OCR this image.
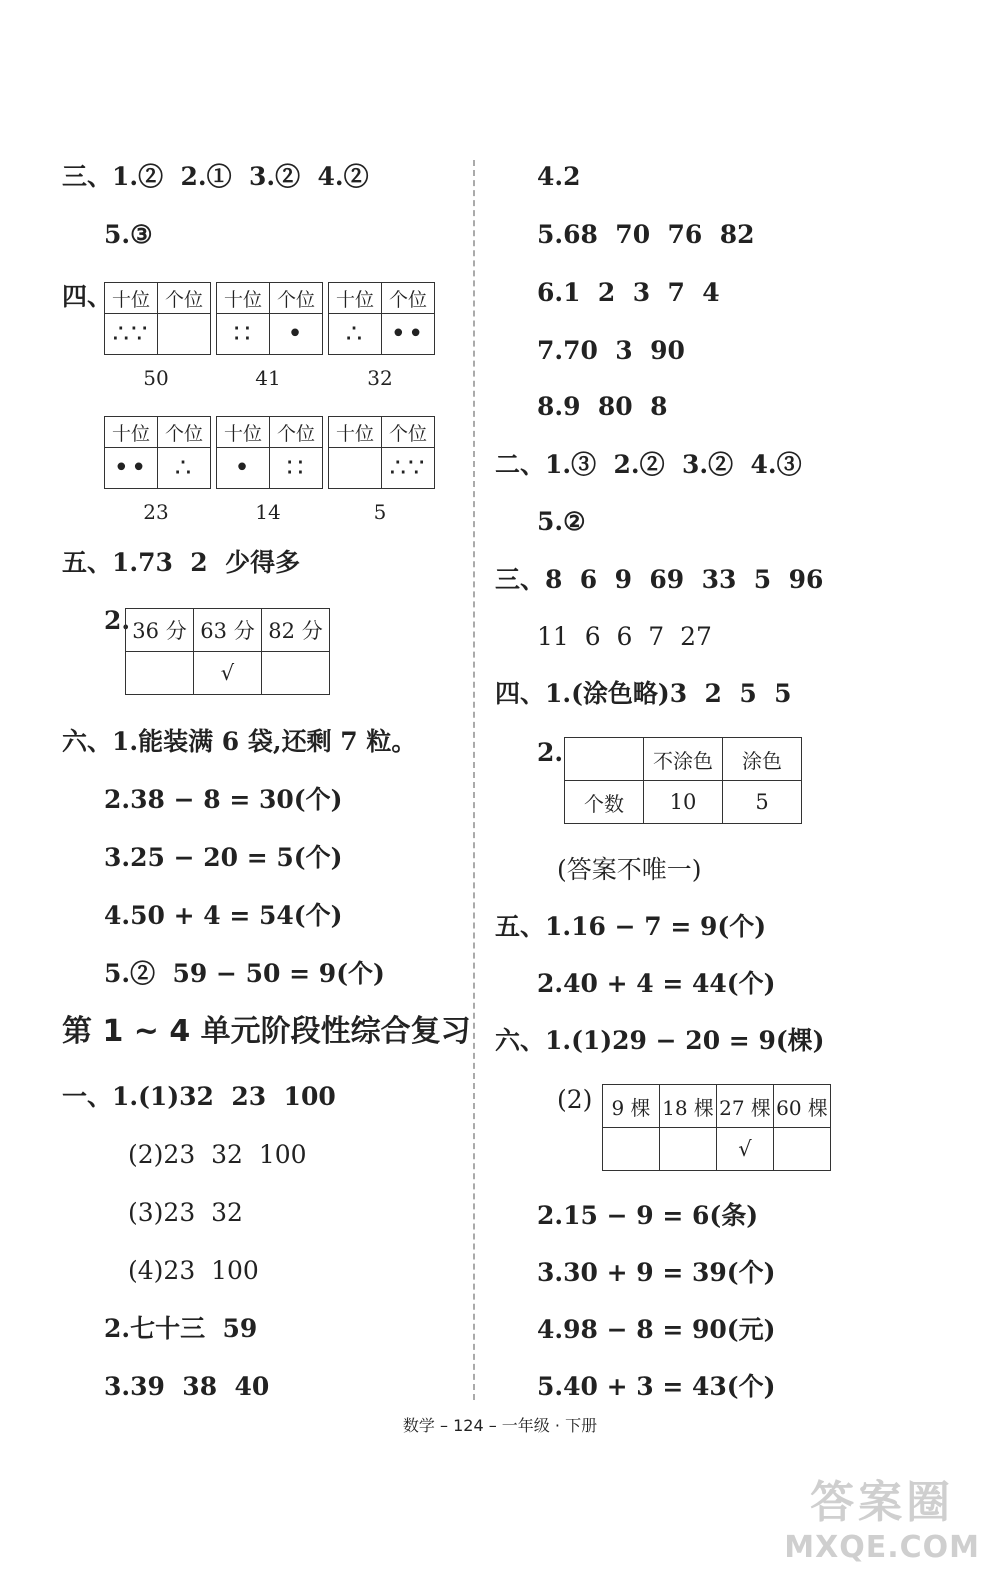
三、1.②  2.①  3.②  4.②
5.③
四、 十位	个位
∴∵	
十位	个位
∷	•
十位	个位
∴	••
50	41	32
十位	个位
••	∴
十位	个位
•	∷
十位	个位
	∴∵
23	14	5
五、1.73  2  少得多
2. 36 分	63 分	82 分
	√	
六、1.能装满 6 袋,还剩 7 粒。
2.38 − 8 = 30(个)
3.25 − 20 = 5(个)
4.50 + 4 = 54(个)
5.②  59 − 50 = 9(个)
第 1 ~ 4 单元阶段性综合复习
一、1.(1)32  23  100
(2)23  32  100
(3)23  32
(4)23  100
2.七十三  59
3.39  38  40
4.2
5.68  70  76  82
6.1  2  3  7  4
7.70  3  90
8.9  80  8
二、1.③  2.②  3.②  4.③
5.②
三、8  6  9  69  33  5  96
11  6  6  7  27
四、1.(涂色略)3  2  5  5
2.
		不涂色	涂色
个数	10	5
(答案不唯一)
五、1.16 − 7 = 9(个)
2.40 + 4 = 44(个)
六、1.(1)29 − 20 = 9(棵)
(2) 9 棵	18 棵	27 棵	60 棵
		√	
2.15 − 9 = 6(条)
3.30 + 9 = 39(个)
4.98 − 8 = 90(元)
5.40 + 3 = 43(个)
数学 – 124 – 一年级 · 下册
答案圈
MXQE.COM
